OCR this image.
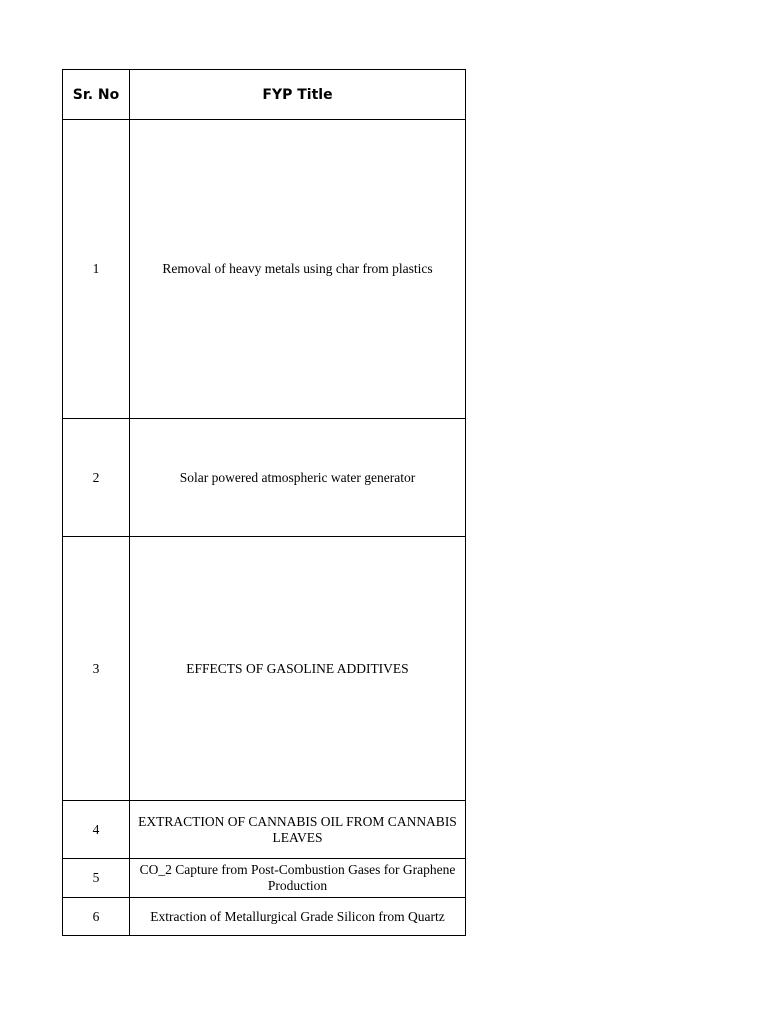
Sr. No	FYP Title
1	Removal of heavy metals using char from plastics
2	Solar powered atmospheric water generator
3	EFFECTS OF GASOLINE ADDITIVES
4	EXTRACTION OF CANNABIS OIL FROM CANNABIS LEAVES
5	CO_2 Capture from Post-Combustion Gases for Graphene Production
6	Extraction of Metallurgical Grade Silicon from Quartz
